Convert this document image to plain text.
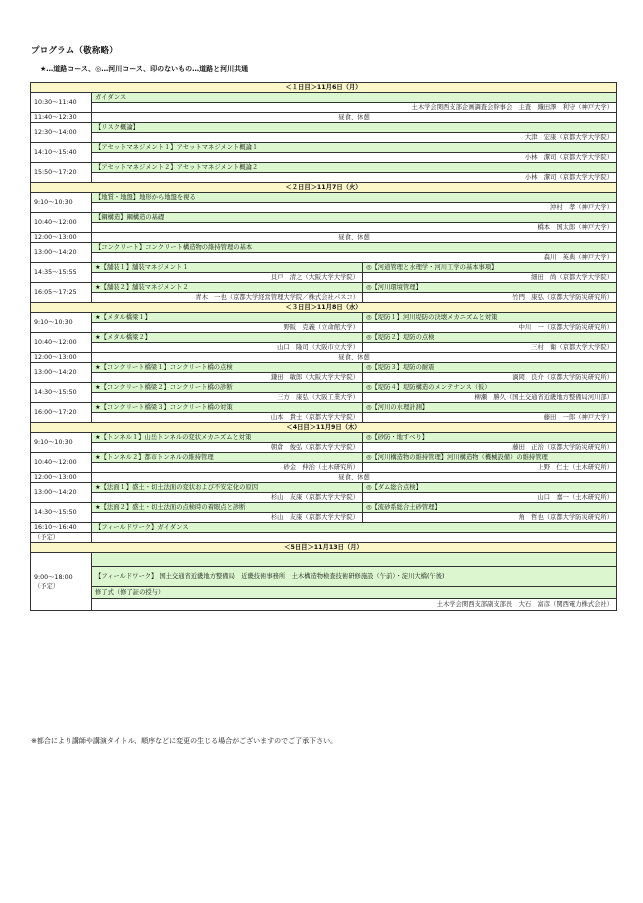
プログラム（敬称略）
★…道路コース、◎…河川コース、印のないもの…道路と河川共通
＜１日目＞11月6日（月）		
10:30～11:40	ガイダンス	
	土木学会関西支部企画調査会幹事会　主査　織田澤　利守（神戸大学）	
11:40～12:30	昼食、休憩	
12:30～14:00	【リスク概論】	
	大津　宏康（京都大学大学院）	
14:10～15:40	【アセットマネジメント１】アセットマネジメント概論１	
	小林　潔司（京都大学大学院）	
15:50～17:20	【アセットマネジメント２】アセットマネジメント概論２	
	小林　潔司（京都大学大学院）	
＜２日目＞11月7日（火）		
9:10～10:30	【地質・地盤】地形から地盤を視る	
	沖村　孝（神戸大学）	
10:40～12:00	【鋼構造】鋼構造の基礎	
	橋本　国太郎（神戸大学）	
12:00～13:00	昼食、休憩	
13:00～14:20	【コンクリート】コンクリート構造物の維持管理の基本	
	森川　英典（神戸大学）	
14:35～15:55	★【舗装１】舗装マネジメント１	◎【河道管理と水理学・河川工学の基本事項】
	貝戸　清之（大阪大学大学院）	細田　尚（京都大学大学院）
16:05～17:25	★【舗装２】舗装マネジメント２	◎【河川環境管理】
	青木　一也（京都大学経営管理大学院／株式会社パスコ）	竹門　康弘（京都大学防災研究所）
＜３日目＞11月8日（水）		
9:10～10:30	★【メタル橋梁１】	◎【堤防１】河川堤防の決壊メカニズムと対策
	野阪　克義（立命館大学）	中川　一（京都大学防災研究所）
10:40～12:00	★【メタル橋梁２】	◎【堤防２】堤防の点検
	山口　隆司（大阪市立大学）	三村　衛（京都大学大学院）
12:00～13:00	昼食、休憩	
13:00～14:20	★【コンクリート橋梁１】コンクリート橋の点検	◎【堤防３】堤防の耐震
	鎌田　敏郎（大阪大学大学院）	渦岡　良介（京都大学防災研究所）
14:30～15:50	★【コンクリート橋梁２】コンクリート橋の診断	◎【堤防４】堤防構造のメンテナンス（仮）
	三方　康弘（大阪工業大学）	柳瀬　勝久（国土交通省近畿地方整備局河川部）
16:00～17:20	★【コンクリート橋梁３】コンクリート橋の対策	◎【河川の水理計測】
	山本　貴士（京都大学大学院）	藤田　一郎（神戸大学）
＜4日目＞11月9日（木）		
9:10～10:30	★【トンネル１】山岳トンネルの変状メカニズムと対策	◎【砂防・地すべり】
	朝倉　俊弘（京都大学大学院）	藤田　正治（京都大学防災研究所）
10:40～12:00	★【トンネル２】都市トンネルの維持管理	◎【河川構造物の維持管理】河川構造物（機械設備）の維持管理
	砂金　伸治（土木研究所）	上野　仁士（土木研究所）
12:00～13:00	昼食、休憩	
13:00～14:20	★【法面１】盛土・切土法面の変状および不安定化の原因	◎【ダム総合点検】
	杉山　友康（京都大学大学院）	山口　嘉一（土木研究所）
14:30～15:50	★【法面２】盛土・切土法面の点検時の着眼点と診断	◎【流砂系総合土砂管理】
	杉山　友康（京都大学大学院）	角　哲也（京都大学防災研究所）
16:10～16:40	【フィールドワーク】ガイダンス	
（予定）		
＜5日目＞11月13日（月）		

9:00～18:00
（予定）		

	【フィールドワーク】 国土交通省近畿地方整備局　近畿技術事務所　土木構造物検査技術研修施設（午前）・淀川大橋(午後)	
	修了式（修了証の授与）	
	土木学会関西支部副支部長　大石　富彦（関西電力株式会社）	
※都合により講師や講演タイトル、順序などに変更の生じる場合がございますのでご了承下さい。
